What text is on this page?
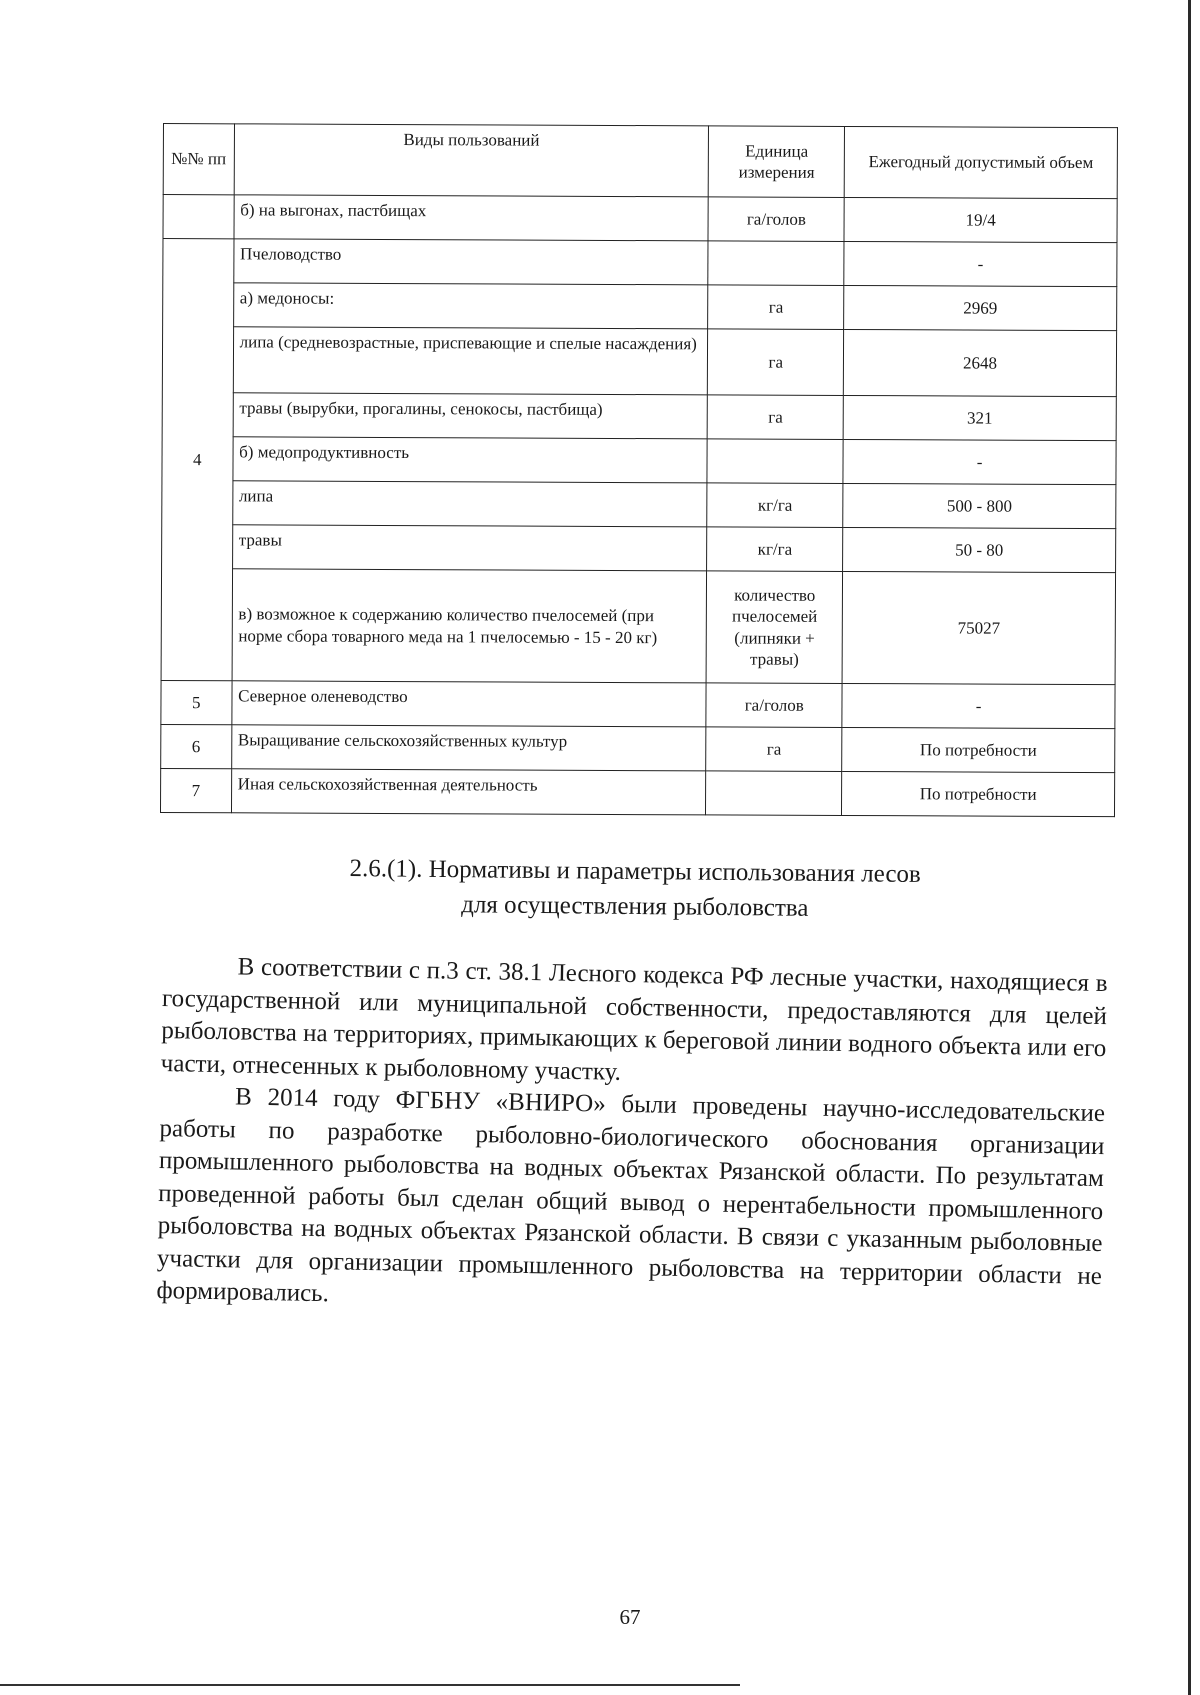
№№ пп	Виды пользований	Единица измерения	Ежегодный допустимый объем
	б) на выгонах, пастбищах	га/голов	19/4
4	Пчеловодство		-
	а) медоносы:	га	2969
	липа (средневозрастные, приспевающие и спелые насаждения)	га	2648
	травы (вырубки, прогалины, сенокосы, пастбища)	га	321
	б) медопродуктивность		-
	липа	кг/га	500 - 800
	травы	кг/га	50 - 80
	в) возможное к содержанию количество пчелосемей (при норме сбора товарного меда на 1 пчелосемью - 15 - 20 кг)	количество пчелосемей (липняки + травы)	75027
5	Северное оленеводство	га/голов	-
6	Выращивание сельскохозяйственных культур	га	По потребности
7	Иная сельскохозяйственная деятельность		По потребности
2.6.(1). Нормативы и параметры использования лесов
для осуществления рыболовства

В соответствии с п.3 ст. 38.1 Лесного кодекса РФ лесные участки, находящиеся в государственной или муниципальной собственности, предоставляются для целей рыболовства на территориях, примыкающих к береговой линии водного объекта или его части, отнесенных к рыболовному участку.

В 2014 году ФГБНУ «ВНИРО» были проведены научно-исследовательские работы по разработке рыболовно-биологического обоснования организации промышленного рыболовства на водных объектах Рязанской области. По результатам проведенной работы был сделан общий вывод о нерентабельности промышленного рыболовства на водных объектах Рязанской области. В связи с указанным рыболовные участки для организации промышленного рыболовства на территории области не формировались.

67
